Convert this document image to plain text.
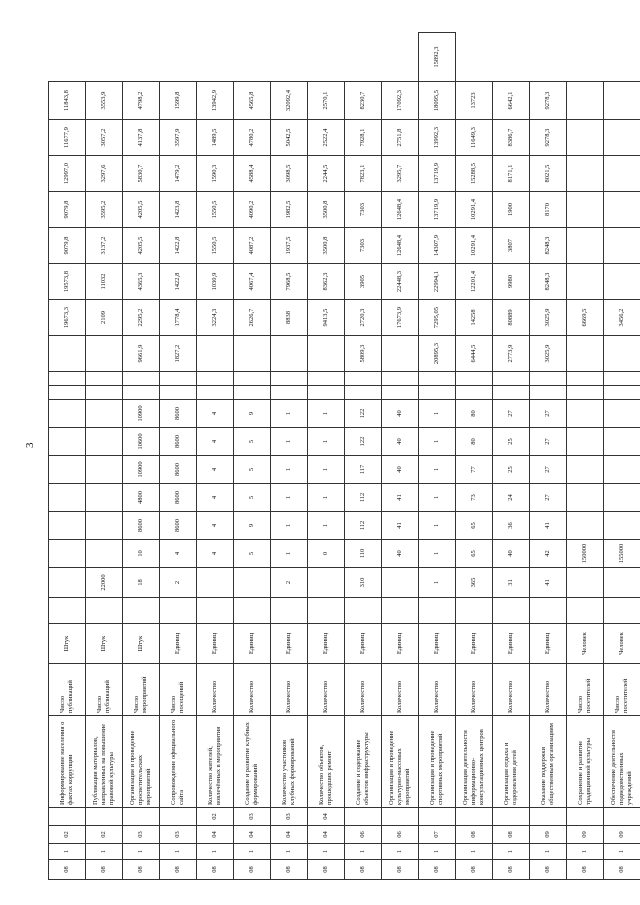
3
08	1	02		Информирование населения о фактах коррупции	Число публикаций	Штук												19673,3	19573,8	9079,8	9079,8	12997,0	11677,9	11843,8	
08	1	02		Публикация материалов, направленных на повышение правовой культуры	Число публикаций	Штук		22000										2109	11032	3137,2	3595,2	3297,6	3057,2	3553,9	
08	1	03		Организация и проведение просветительских мероприятий	Число мероприятий	Штук		18	10	8600	4800	10900	10600	10900			9661,9	2295,2	4365,3	4205,5	4205,5	5830,7	4137,8	4798,2	
08	1	03		Сопровождение официального сайта	Число посещений	Единиц		2	4	8600	8600	8600	8600	8600			1827,2	1778,4	1422,8	1422,8	1423,8	1479,2	3597,9	1599,8	
08	1	04	02	Количество жителей, вовлечённых в мероприятия	Количество	Единиц			4	4	4	4	4	4				3224,3	1030,9	1550,5	1550,5	1590,3	1489,5	13942,9	
08	1	04	03	Создание и развитие клубных формирований	Количество	Единиц			5	9	5	5	5	9				2626,7	4067,4	4087,2	4090,2	4588,4	4780,2	4565,8	
08	1	04	03	Количество участников клубных формирований	Количество	Единиц		2	1	1	1	1	1	1				8838	7968,5	1937,5	1982,5	3098,5	5042,5	32092,4	
08	1	04	04	Количество объектов, прошедших ремонт	Количество	Единиц			0	1	1	1	1	1				9413,5	8362,3	3500,8	3500,8	2244,5	2522,4	2570,1	
08	1	06		Создание и содержание объектов инфраструктуры	Количество	Единиц		310	110	112	112	117	122	122			5809,3	2720,3	3905	7303	7303	7823,1	7928,1	8230,7	
08	1	06		Организация и проведение культурно-массовых мероприятий	Количество	Единиц			40	41	41	40	40	40				17673,9	22448,3	12648,4	12648,4	3295,7	2751,8	17092,3	
08	1	07		Организация и проведение спортивных мероприятий	Количество	Единиц		1	1	1	1	1	1	1			20895,3	7295,05	22994,1	14307,9	13719,9	13719,9	13992,3	18095,5	15892,3
08	1	08		Организация деятельности информационно-консультационных центров	Количество	Единиц		365	65	65	73	77	80	80			6444,5	14258	12201,4	10291,4	10291,4	15288,5	11649,3	13723	
08	1	08		Организация отдыха и оздоровления детей	Количество	Единиц		31	40	36	24	25	25	27			2773,9	80889	9980	3807	1900	8171,1	8386,7	6642,1	
08	1	09		Оказание поддержки общественным организациям	Количество	Единиц		41	42	41	27	27	27	27			3025,9	3025,9	8248,3	8248,3	8170	8021,5	9278,3	9278,3	
08	1	09		Сохранение и развитие традиционной культуры	Число посетителей	Человек			150000									6669,5							
08	1	09		Обеспечение деятельности подведомственных учреждений	Число посетителей	Человек			155000									3456,2							
